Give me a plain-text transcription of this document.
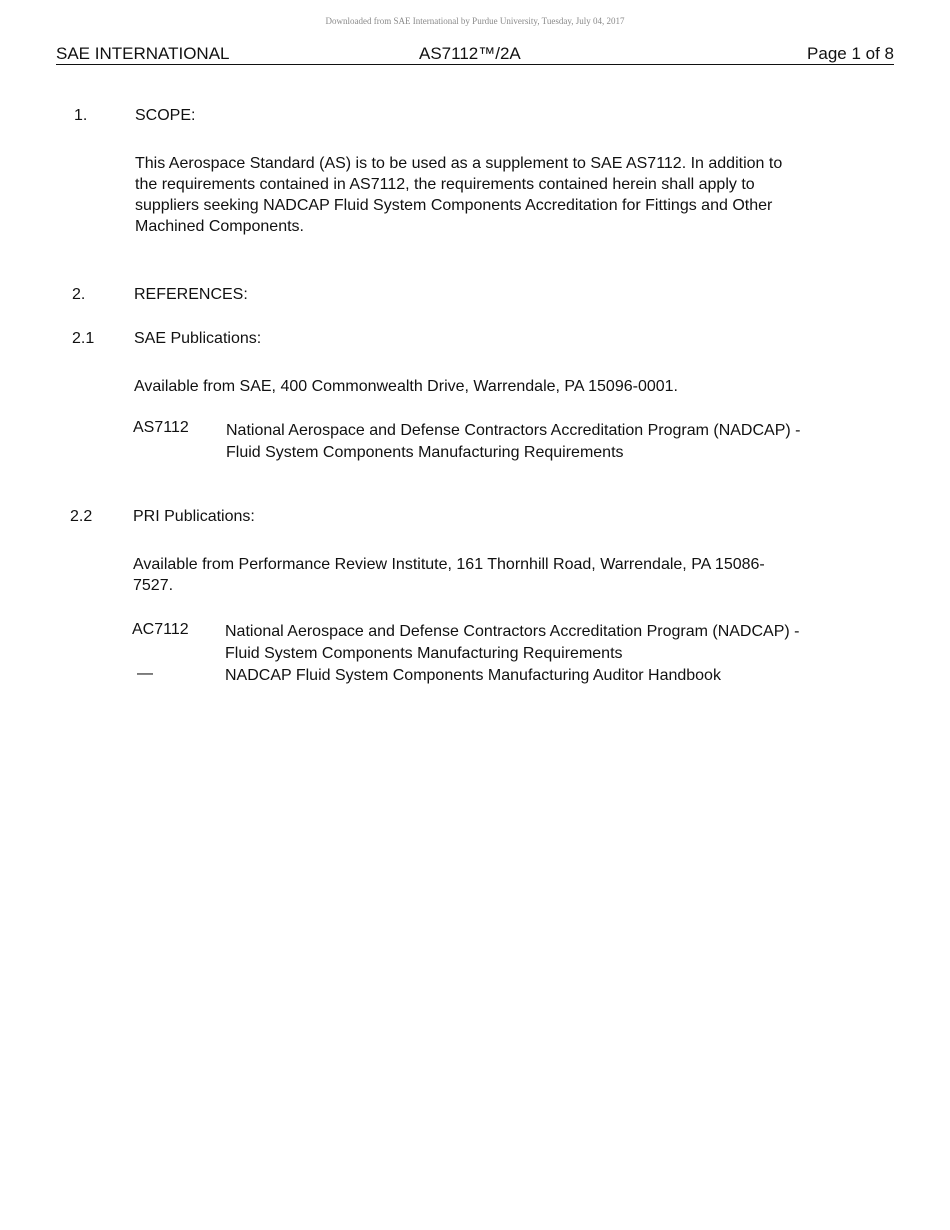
Downloaded from SAE International by Purdue University, Tuesday, July 04, 2017
SAE INTERNATIONAL	AS7112™/2A	Page 1 of 8
1.	SCOPE:
This Aerospace Standard (AS) is to be used as a supplement to SAE AS7112. In addition to
the requirements contained in AS7112, the requirements contained herein shall apply to
suppliers seeking NADCAP Fluid System Components Accreditation for Fittings and Other
Machined Components.
2.	REFERENCES:
2.1 SAE Publications:
Available from SAE, 400 Commonwealth Drive, Warrendale, PA 15096-0001.
AS7112 National Aerospace and Defense Contractors Accreditation Program (NADCAP) -
Fluid System Components Manufacturing Requirements
2.2	PRI Publications:
Available from Performance Review Institute, 161 Thornhill Road, Warrendale, PA 15086-
7527.
AC7112 National Aerospace and Defense Contractors Accreditation Program (NADCAP) -
Fluid System Components Manufacturing Requirements
—	NADCAP Fluid System Components Manufacturing Auditor Handbook
